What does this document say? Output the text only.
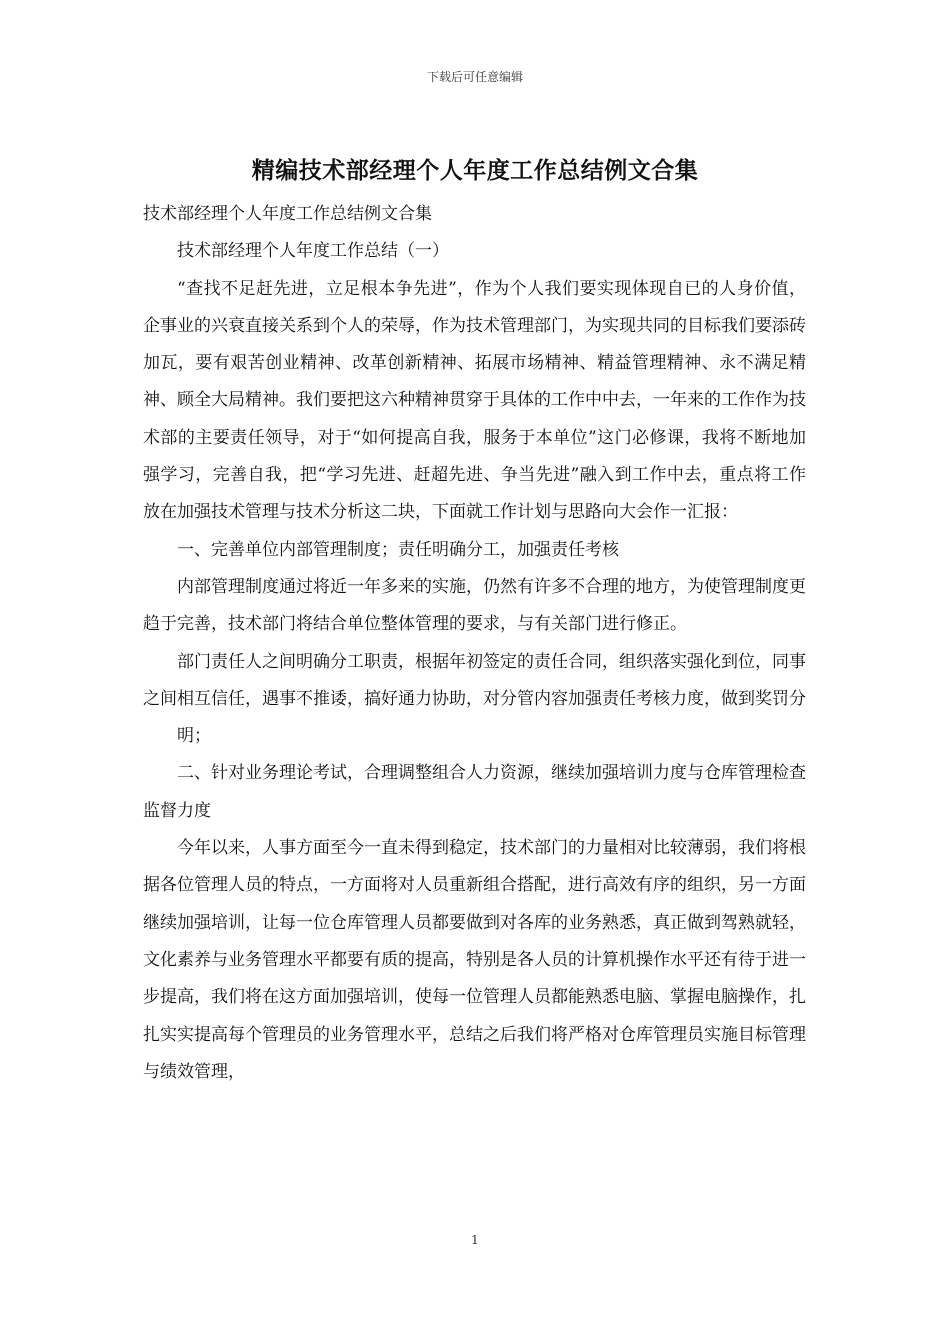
下载后可任意编辑
精编技术部经理个人年度工作总结例文合集

技术部经理个人年度工作总结例文合集

技术部经理个人年度工作总结（一）

“查找不足赶先进，立足根本争先进”，作为个人我们要实现体现自已的人身价值，企事业的兴衰直接关系到个人的荣辱，作为技术管理部门，为实现共同的目标我们要添砖加瓦，要有艰苦创业精神、改革创新精神、拓展市场精神、精益管理精神、永不满足精神、顾全大局精神。我们要把这六种精神贯穿于具体的工作中中去，一年来的工作作为技术部的主要责任领导，对于“如何提高自我，服务于本单位”这门必修课，我将不断地加强学习，完善自我，把“学习先进、赶超先进、争当先进”融入到工作中去，重点将工作放在加强技术管理与技术分析这二块，下面就工作计划与思路向大会作一汇报：

一、完善单位内部管理制度；责任明确分工，加强责任考核

内部管理制度通过将近一年多来的实施，仍然有许多不合理的地方，为使管理制度更趋于完善，技术部门将结合单位整体管理的要求，与有关部门进行修正。

部门责任人之间明确分工职责，根据年初签定的责任合同，组织落实强化到位，同事之间相互信任，遇事不推诿，搞好通力协助，对分管内容加强责任考核力度，做到奖罚分

明；

二、针对业务理论考试，合理调整组合人力资源，继续加强培训力度与仓库管理检查监督力度

今年以来，人事方面至今一直未得到稳定，技术部门的力量相对比较薄弱，我们将根据各位管理人员的特点，一方面将对人员重新组合搭配，进行高效有序的组织，另一方面继续加强培训，让每一位仓库管理人员都要做到对各库的业务熟悉，真正做到驾熟就轻，文化素养与业务管理水平都要有质的提高，特别是各人员的计算机操作水平还有待于进一步提高，我们将在这方面加强培训，使每一位管理人员都能熟悉电脑、掌握电脑操作，扎扎实实提高每个管理员的业务管理水平，总结之后我们将严格对仓库管理员实施目标管理与绩效管理，

1
